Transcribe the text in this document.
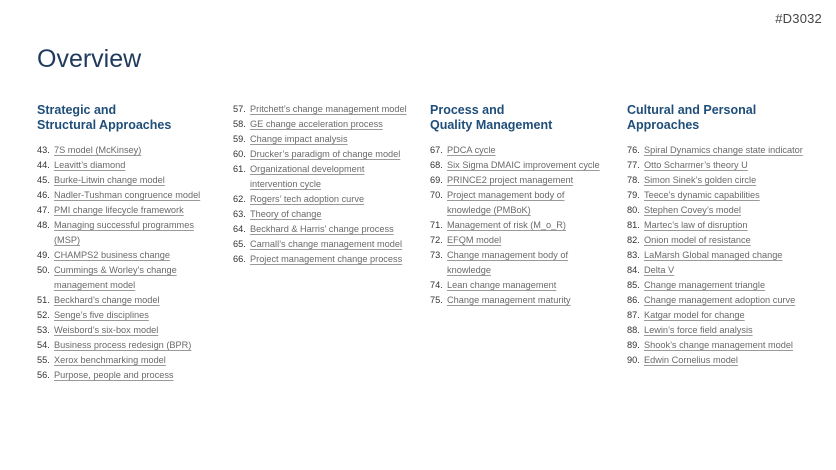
#D3032
Overview
Strategic and
Structural Approaches
43. 7S model (McKinsey)
44. Leavitt’s diamond
45. Burke-Litwin change model
46. Nadler-Tushman congruence model
47. PMI change lifecycle framework
48. Managing successful programmes (MSP)
49. CHAMPS2 business change
50. Cummings & Worley’s change management model
51. Beckhard’s change model
52. Senge’s five disciplines
53. Weisbord’s six-box model
54. Business process redesign (BPR)
55. Xerox benchmarking model
56. Purpose, people and process
57. Pritchett’s change management model
58. GE change acceleration process
59. Change impact analysis
60. Drucker’s paradigm of change model
61. Organizational development intervention cycle
62. Rogers’ tech adoption curve
63. Theory of change
64. Beckhard & Harris’ change process
65. Carnall’s change management model
66. Project management change process
Process and
Quality Management
67. PDCA cycle
68. Six Sigma DMAIC improvement cycle
69. PRINCE2 project management
70. Project management body of knowledge (PMBoK)
71. Management of risk (M_o_R)
72. EFQM model
73. Change management body of knowledge
74. Lean change management
75. Change management maturity
Cultural and Personal
Approaches
76. Spiral Dynamics change state indicator
77. Otto Scharmer’s theory U
78. Simon Sinek’s golden circle
79. Teece’s dynamic capabilities
80. Stephen Covey’s model
81. Martec’s law of disruption
82. Onion model of resistance
83. LaMarsh Global managed change
84. Delta V
85. Change management triangle
86. Change management adoption curve
87. Katgar model for change
88. Lewin’s force field analysis
89. Shook’s change management model
90. Edwin Cornelius model
